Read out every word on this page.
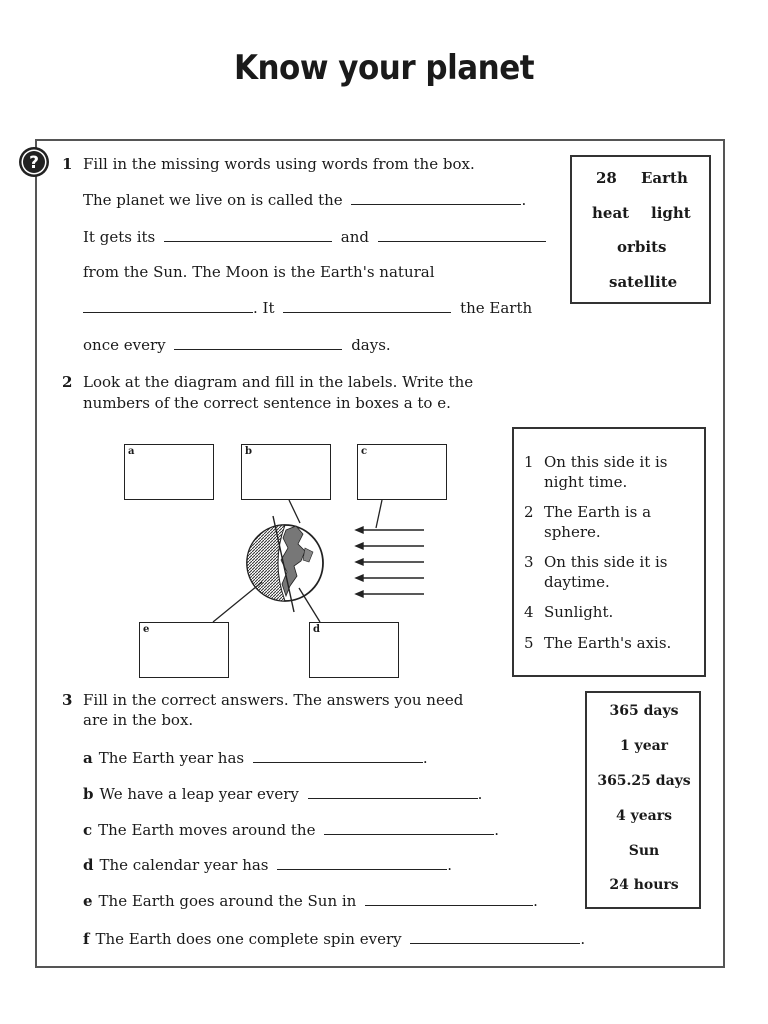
Know your planet
? 1 Fill in the missing words using words from the box.
The planet we live on is called the	.
It gets its	and
from the Sun. The Moon is the Earth's natural
. It	the Earth
once every	days.
28 Earth
heat light
orbits
satellite
2 Look at the diagram and fill in the labels. Write the
numbers of the correct sentence in boxes a to e.
a	b	c
e	d
1 On this side it is night time.
2 The Earth is a sphere.
3 On this side it is daytime.
4 Sunlight.
5 The Earth's axis.
3 Fill in the correct answers. The answers you need
are in the box.
a The Earth year has	.
b We have a leap year every	.
c The Earth moves around the	.
d The calendar year has	.
e The Earth goes around the Sun in	.
f The Earth does one complete spin every	.
365 days
1 year
365.25 days
4 years
Sun
24 hours
